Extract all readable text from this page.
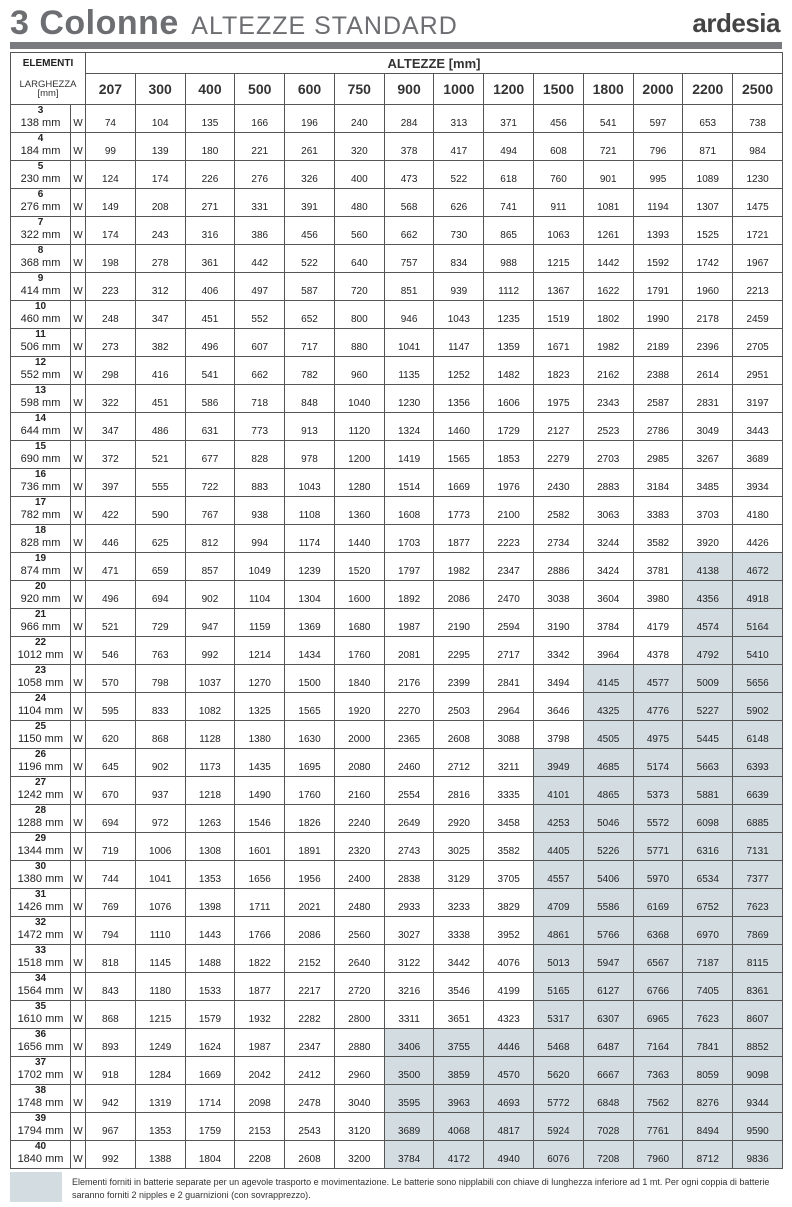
3 Colonne ALTEZZE STANDARD	ardesia
ELEMENTI		ALTEZZE [mm]													
LARGHEZZA [mm]		207	300	400	500	600	750	900	1000	1200	1500	1800	2000	2200	2500

3
138 mm	W	74	104	135	166	196	240	284	313	371	456	541	597	653	738

4
184 mm	W	99	139	180	221	261	320	378	417	494	608	721	796	871	984

5
230 mm	W	124	174	226	276	326	400	473	522	618	760	901	995	1089	1230

6
276 mm	W	149	208	271	331	391	480	568	626	741	911	1081	1194	1307	1475

7
322 mm	W	174	243	316	386	456	560	662	730	865	1063	1261	1393	1525	1721

8
368 mm	W	198	278	361	442	522	640	757	834	988	1215	1442	1592	1742	1967

9
414 mm	W	223	312	406	497	587	720	851	939	1112	1367	1622	1791	1960	2213

10
460 mm	W	248	347	451	552	652	800	946	1043	1235	1519	1802	1990	2178	2459

11
506 mm	W	273	382	496	607	717	880	1041	1147	1359	1671	1982	2189	2396	2705

12
552 mm	W	298	416	541	662	782	960	1135	1252	1482	1823	2162	2388	2614	2951

13
598 mm	W	322	451	586	718	848	1040	1230	1356	1606	1975	2343	2587	2831	3197

14
644 mm	W	347	486	631	773	913	1120	1324	1460	1729	2127	2523	2786	3049	3443

15
690 mm	W	372	521	677	828	978	1200	1419	1565	1853	2279	2703	2985	3267	3689

16
736 mm	W	397	555	722	883	1043	1280	1514	1669	1976	2430	2883	3184	3485	3934

17
782 mm	W	422	590	767	938	1108	1360	1608	1773	2100	2582	3063	3383	3703	4180

18
828 mm	W	446	625	812	994	1174	1440	1703	1877	2223	2734	3244	3582	3920	4426

19
874 mm	W	471	659	857	1049	1239	1520	1797	1982	2347	2886	3424	3781	4138	4672

20
920 mm	W	496	694	902	1104	1304	1600	1892	2086	2470	3038	3604	3980	4356	4918

21
966 mm	W	521	729	947	1159	1369	1680	1987	2190	2594	3190	3784	4179	4574	5164

22
1012 mm	W	546	763	992	1214	1434	1760	2081	2295	2717	3342	3964	4378	4792	5410

23
1058 mm	W	570	798	1037	1270	1500	1840	2176	2399	2841	3494	4145	4577	5009	5656

24
1104 mm	W	595	833	1082	1325	1565	1920	2270	2503	2964	3646	4325	4776	5227	5902

25
1150 mm	W	620	868	1128	1380	1630	2000	2365	2608	3088	3798	4505	4975	5445	6148

26
1196 mm	W	645	902	1173	1435	1695	2080	2460	2712	3211	3949	4685	5174	5663	6393

27
1242 mm	W	670	937	1218	1490	1760	2160	2554	2816	3335	4101	4865	5373	5881	6639

28
1288 mm	W	694	972	1263	1546	1826	2240	2649	2920	3458	4253	5046	5572	6098	6885

29
1344 mm	W	719	1006	1308	1601	1891	2320	2743	3025	3582	4405	5226	5771	6316	7131

30
1380 mm	W	744	1041	1353	1656	1956	2400	2838	3129	3705	4557	5406	5970	6534	7377

31
1426 mm	W	769	1076	1398	1711	2021	2480	2933	3233	3829	4709	5586	6169	6752	7623

32
1472 mm	W	794	1110	1443	1766	2086	2560	3027	3338	3952	4861	5766	6368	6970	7869

33
1518 mm	W	818	1145	1488	1822	2152	2640	3122	3442	4076	5013	5947	6567	7187	8115

34
1564 mm	W	843	1180	1533	1877	2217	2720	3216	3546	4199	5165	6127	6766	7405	8361

35
1610 mm	W	868	1215	1579	1932	2282	2800	3311	3651	4323	5317	6307	6965	7623	8607

36
1656 mm	W	893	1249	1624	1987	2347	2880	3406	3755	4446	5468	6487	7164	7841	8852

37
1702 mm	W	918	1284	1669	2042	2412	2960	3500	3859	4570	5620	6667	7363	8059	9098

38
1748 mm	W	942	1319	1714	2098	2478	3040	3595	3963	4693	5772	6848	7562	8276	9344

39
1794 mm	W	967	1353	1759	2153	2543	3120	3689	4068	4817	5924	7028	7761	8494	9590

40
1840 mm	W	992	1388	1804	2208	2608	3200	3784	4172	4940	6076	7208	7960	8712	9836
Elementi forniti in batterie separate per un agevole trasporto e movimentazione. Le batterie sono nipplabili con chiave di lunghezza inferiore ad 1 mt. Per ogni coppia di batterie saranno forniti 2 nipples e 2 guarnizioni (con sovrapprezzo).
